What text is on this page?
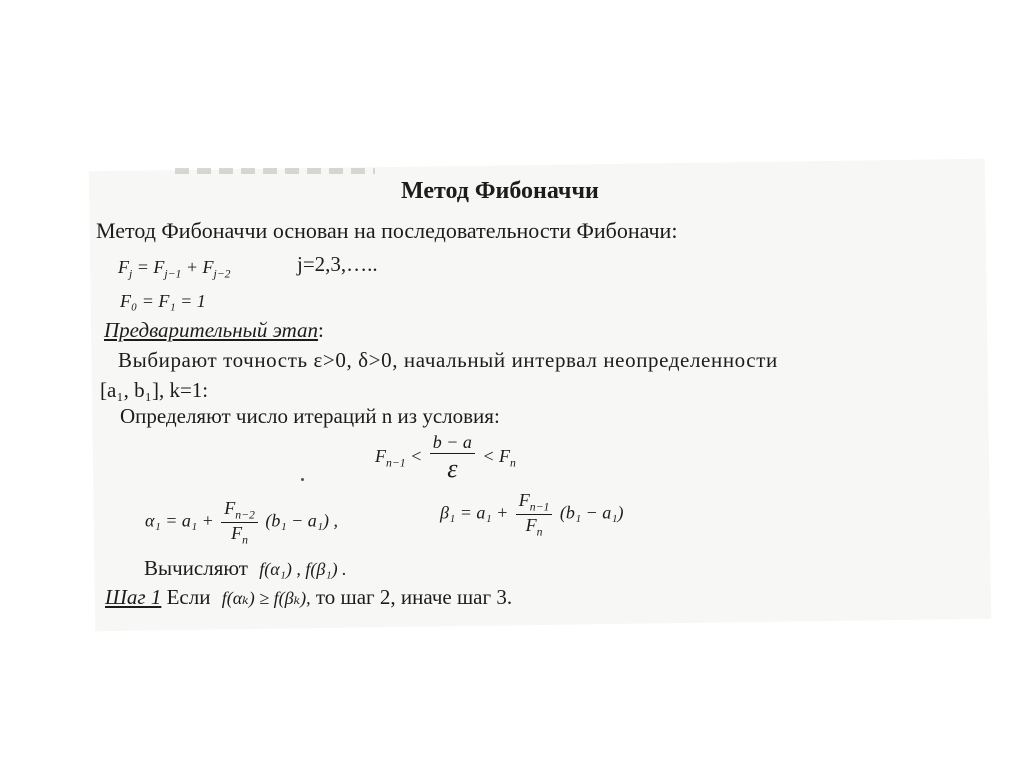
Метод Фибоначчи
Метод Фибоначчи основан на последовательности Фибоначи:
$F_j = F_{j-1} + F_{j-2}$	j=2,3,…..
F₀ = F₁ = 1
Предварительный этап:
Выбирают точность ε>0, δ>0, начальный интервал неопределенности
[a₁, b₁], k=1:
Определяют число итераций n из условия:
$F_{n-1} < \frac{b - a}{\varepsilon} < F_n$
$\alpha_1 = a_1 + \frac{F_{n-2}}{F_n} (b_1 - a_1)$ ,	$\beta_1 = a_1 + \frac{F_{n-1}}{F_n} (b_1 - a_1)$
Вычисляют f(α₁) , f(β₁) .
Шаг 1 Если f(αₖ) ≥ f(βₖ), то шаг 2, иначе шаг 3.
